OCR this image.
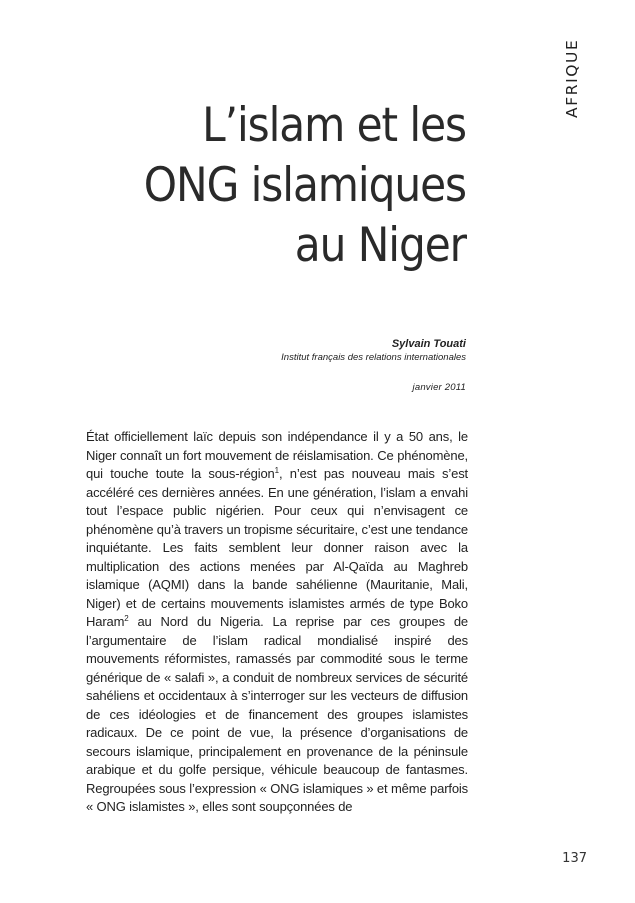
AFRIQUE
L’islam et les
ONG islamiques
au Niger
Sylvain Touati
Institut français des relations internationales
janvier 2011

État officiellement laïc depuis son indépendance il y a 50 ans, le Niger connaît un fort mouvement de réislamisation. Ce phénomène, qui touche toute la sous-région$^1$, n’est pas nouveau mais s’est accéléré ces dernières années. En une génération, l’islam a envahi tout l’espace public nigérien. Pour ceux qui n’envisagent ce phénomène qu’à travers un tropisme sécuritaire, c’est une tendance inquiétante. Les faits semblent leur donner raison avec la multiplication des actions menées par Al-Qaïda au Maghreb islamique (AQMI) dans la bande sahélienne (Mauritanie, Mali, Niger) et de certains mouvements islamistes armés de type Boko Haram$^2$ au Nord du Nigeria. La reprise par ces groupes de l’argumentaire de l’islam radical mondialisé inspiré des mouvements réformistes, ramassés par commodité sous le terme générique de « salafi », a conduit de nombreux services de sécurité sahéliens et occidentaux à s’interroger sur les vecteurs de diffusion de ces idéologies et de financement des groupes islamistes radicaux. De ce point de vue, la présence d’organisations de secours islamique, principalement en provenance de la péninsule arabique et du golfe persique, véhicule beaucoup de fantasmes. Regroupées sous l’expression « ONG islamiques » et même parfois « ONG islamistes », elles sont soupçonnées de

137
